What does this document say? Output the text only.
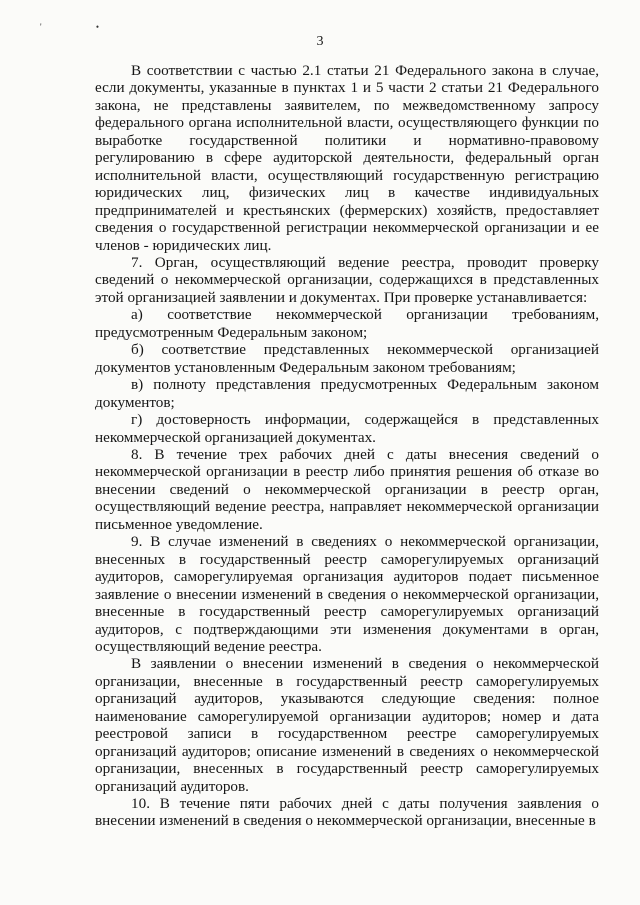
' •
3

В соответствии с частью 2.1 статьи 21 Федерального закона в случае, если документы, указанные в пунктах 1 и 5 части 2 статьи 21 Федерального закона, не представлены заявителем, по межведомственному запросу федерального органа исполнительной власти, осуществляющего функции по выработке государственной политики и нормативно-правовому регулированию в сфере аудиторской деятельности, федеральный орган исполнительной власти, осуществляющий государственную регистрацию юридических лиц, физических лиц в качестве индивидуальных предпринимателей и крестьянских (фермерских) хозяйств, предоставляет сведения о государственной регистрации некоммерческой организации и ее членов - юридических лиц.

7. Орган, осуществляющий ведение реестра, проводит проверку сведений о некоммерческой организации, содержащихся в представленных этой организацией заявлении и документах. При проверке устанавливается:

а) соответствие некоммерческой организации требованиям, предусмотренным Федеральным законом;

б) соответствие представленных некоммерческой организацией документов установленным Федеральным законом требованиям;

в) полноту представления предусмотренных Федеральным законом документов;

г) достоверность информации, содержащейся в представленных некоммерческой организацией документах.

8. В течение трех рабочих дней с даты внесения сведений о некоммерческой организации в реестр либо принятия решения об отказе во внесении сведений о некоммерческой организации в реестр орган, осуществляющий ведение реестра, направляет некоммерческой организации письменное уведомление.

9. В случае изменений в сведениях о некоммерческой организации, внесенных в государственный реестр саморегулируемых организаций аудиторов, саморегулируемая организация аудиторов подает письменное заявление о внесении изменений в сведения о некоммерческой организации, внесенные в государственный реестр саморегулируемых организаций аудиторов, с подтверждающими эти изменения документами в орган, осуществляющий ведение реестра.

В заявлении о внесении изменений в сведения о некоммерческой организации, внесенные в государственный реестр саморегулируемых организаций аудиторов, указываются следующие сведения: полное наименование саморегулируемой организации аудиторов; номер и дата реестровой записи в государственном реестре саморегулируемых организаций аудиторов; описание изменений в сведениях о некоммерческой организации, внесенных в государственный реестр саморегулируемых организаций аудиторов.

10. В течение пяти рабочих дней с даты получения заявления о внесении изменений в сведения о некоммерческой организации, внесенные в
